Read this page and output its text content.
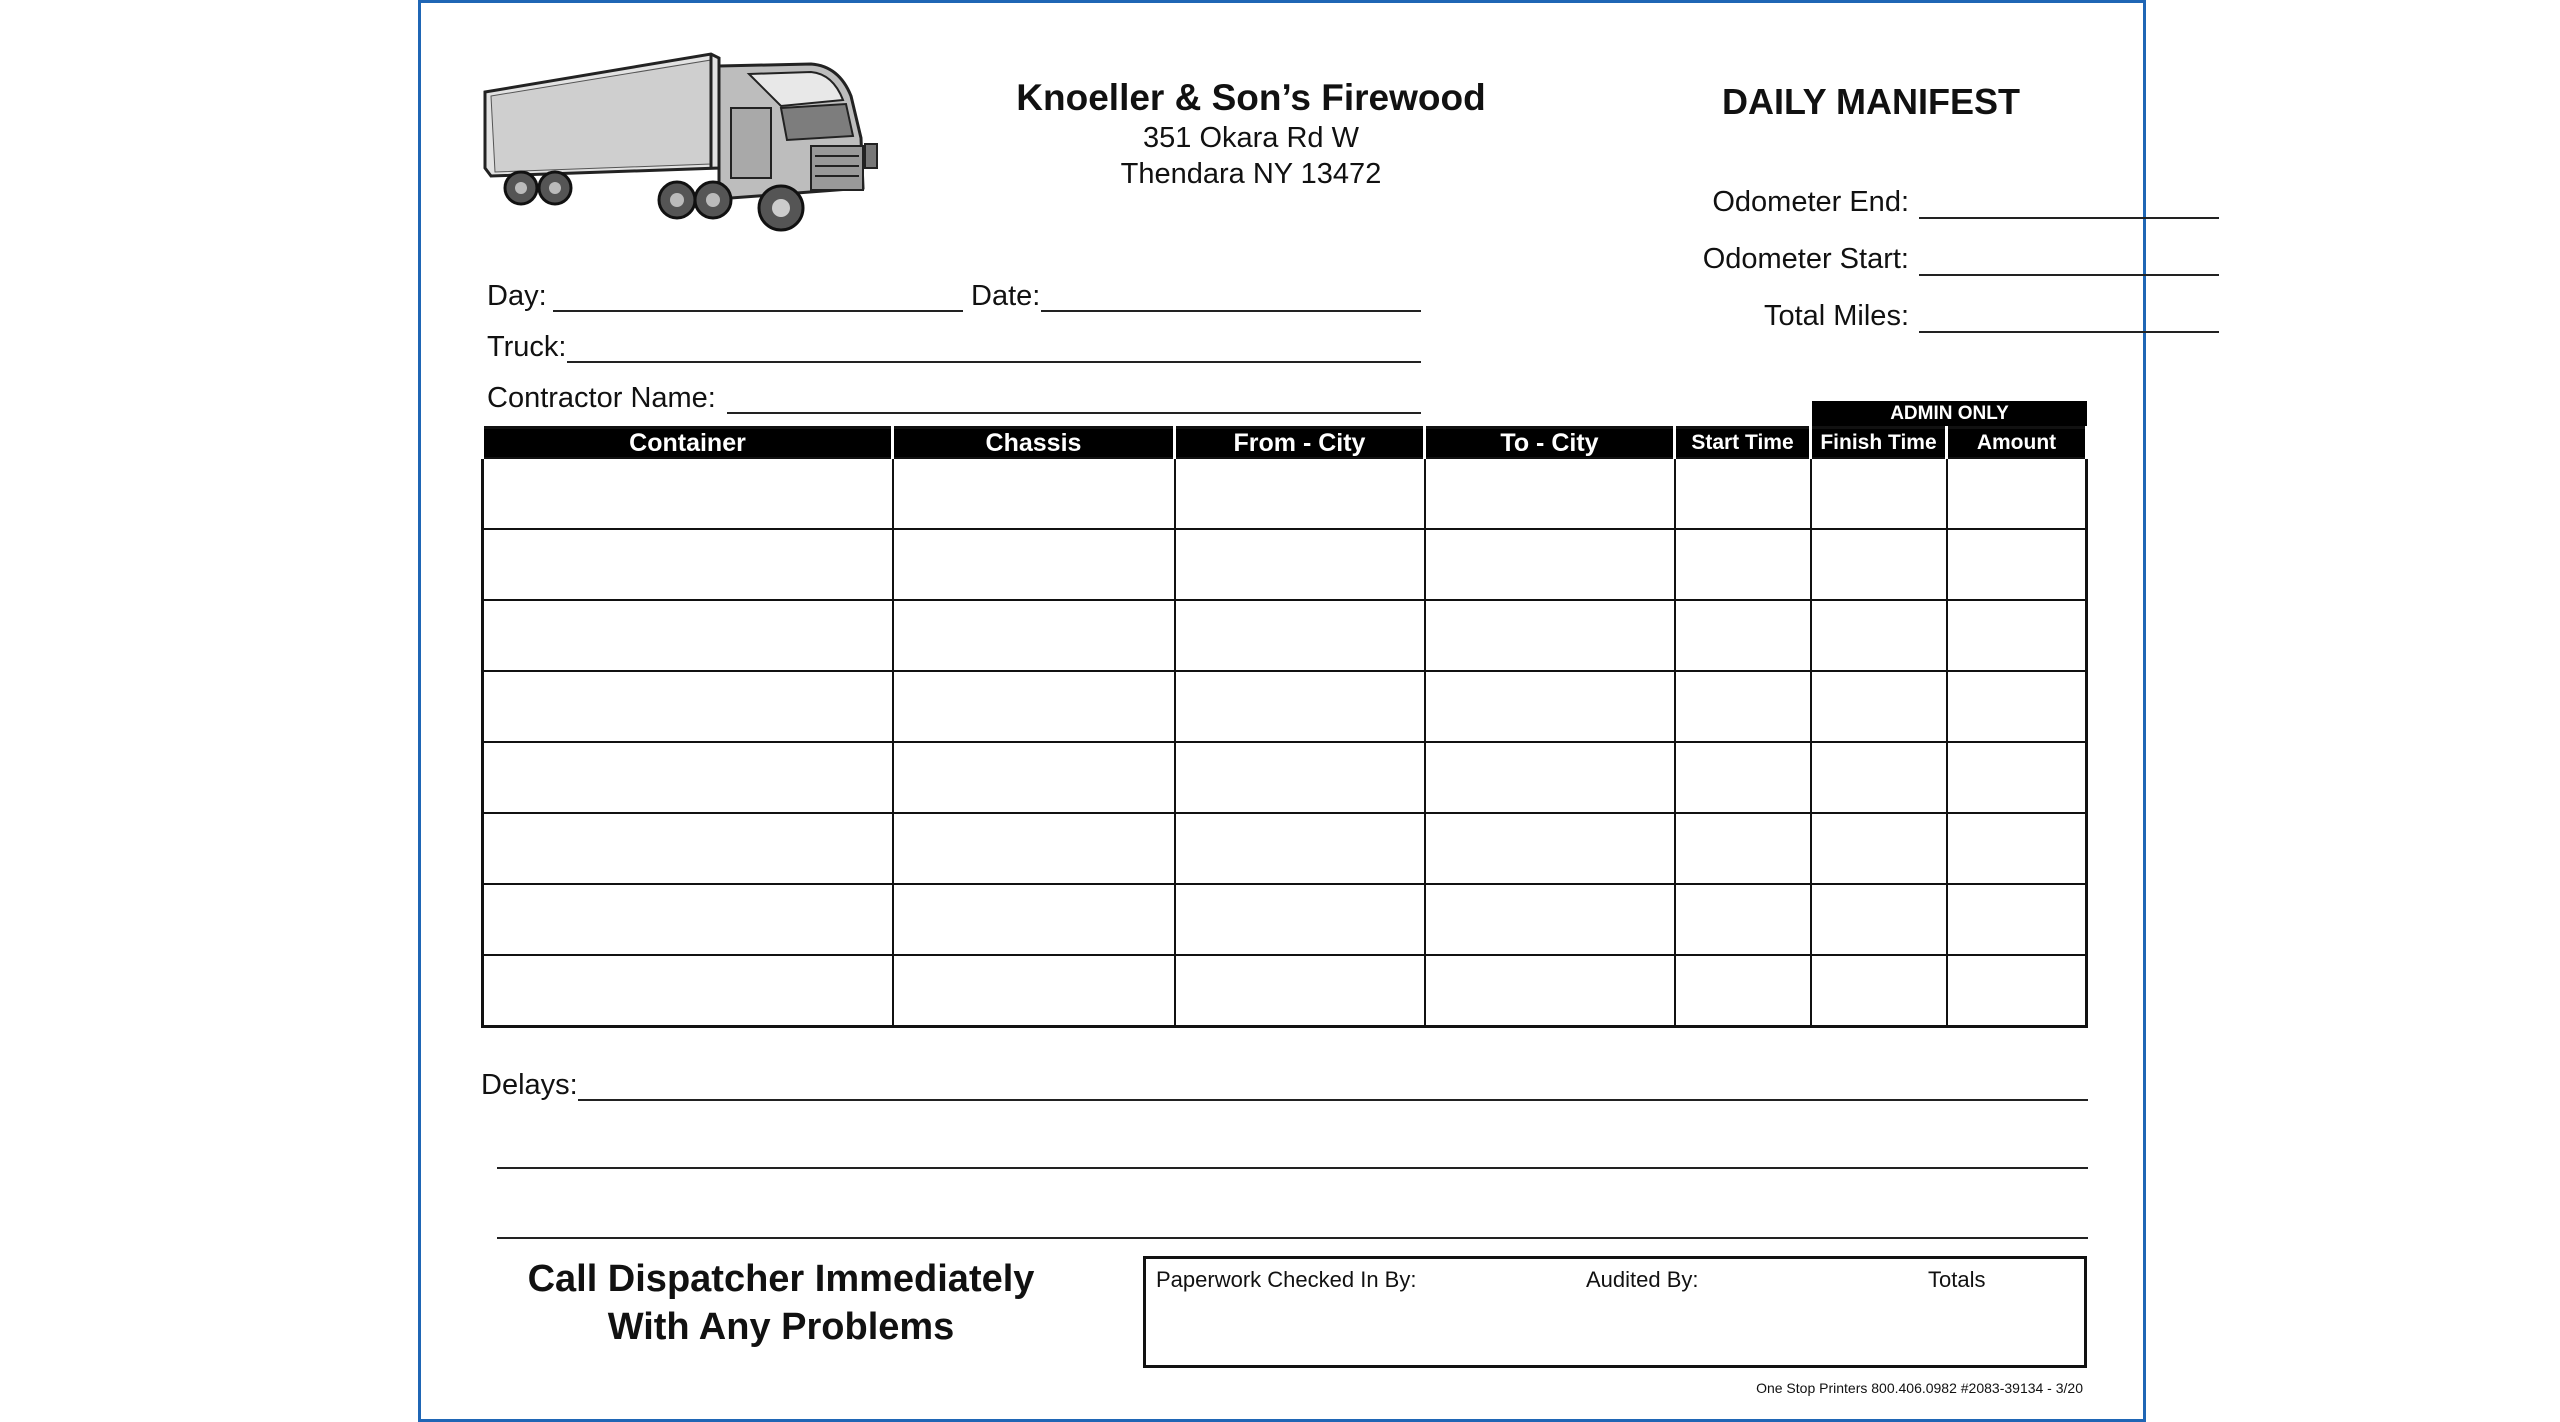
Knoeller & Son’s Firewood
351 Okara Rd W
Thendara NY 13472
DAILY MANIFEST
Odometer End:
Odometer Start:
Total Miles:
Day:	Date:
Truck:
Contractor Name:	ADMIN ONLY
Container	Chassis	From - City	To - City	Start Time	Finish Time	Amount

Delays:
Call Dispatcher Immediately
With Any Problems
Paperwork Checked In By:	Audited By:	Totals
One Stop Printers 800.406.0982 #2083-39134 - 3/20
